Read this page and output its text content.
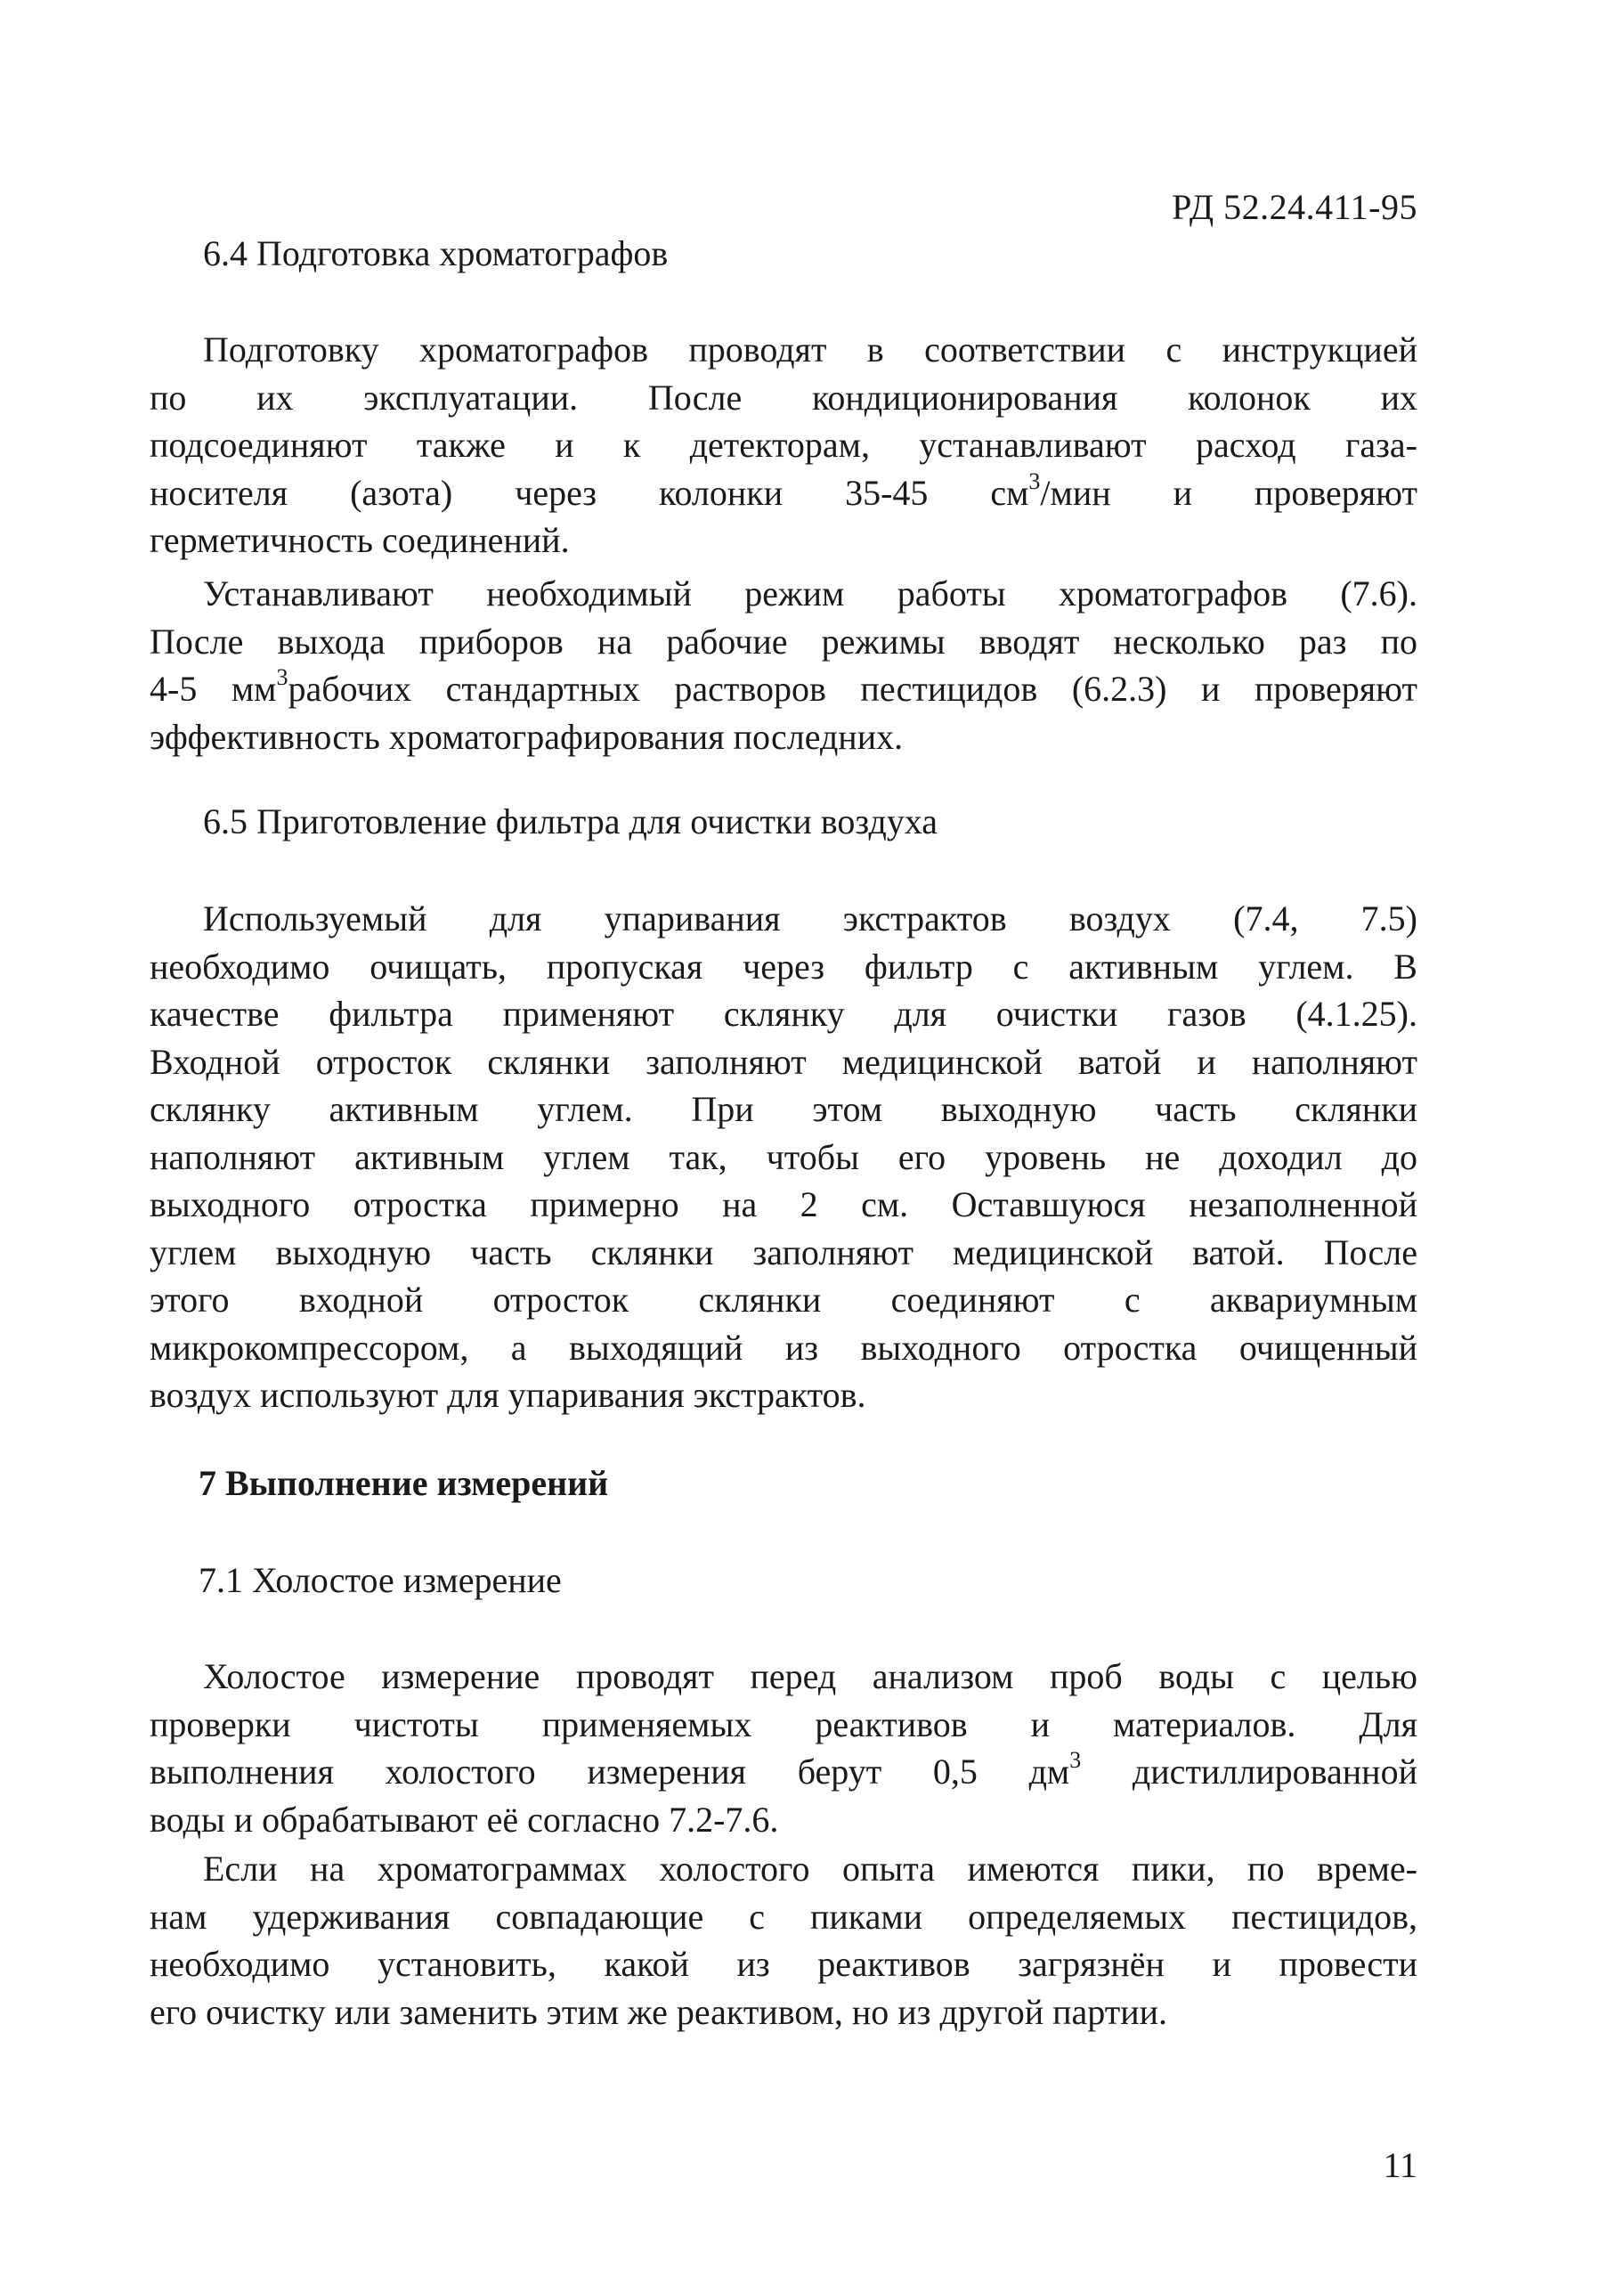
РД 52.24.411-95
6.4 Подготовка хроматографов
Подготовку хроматографов проводят в соответствии с инструкцией
по их эксплуатации. После кондиционирования колонок их
подсоединяют также и к детекторам, устанавливают расход газа-
носителя (азота) через колонки 35-45 $см^3$/мин и проверяют
герметичность соединений.
Устанавливают необходимый режим работы хроматографов (7.6).
После выхода приборов на рабочие режимы вводят несколько раз по
4-5 $мм^3рабочих$ стандартных растворов пестицидов (6.2.3) и проверяют
эффективность хроматографирования последних.
6.5 Приготовление фильтра для очистки воздуха
Используемый для упаривания экстрактов воздух (7.4, 7.5)
необходимо очищать, пропуская через фильтр с активным углем. В
качестве фильтра применяют склянку для очистки газов (4.1.25).
Входной отросток склянки заполняют медицинской ватой и наполняют
склянку активным углем. При этом выходную часть склянки
наполняют активным углем так, чтобы его уровень не доходил до
выходного отростка примерно на 2 см. Оставшуюся незаполненной
углем выходную часть склянки заполняют медицинской ватой. После
этого входной отросток склянки соединяют с аквариумным
микрокомпрессором, а выходящий из выходного отростка очищенный
воздух используют для упаривания экстрактов.
7 Выполнение измерений
7.1 Холостое измерение
Холостое измерение проводят перед анализом проб воды с целью
проверки чистоты применяемых реактивов и материалов. Для
выполнения холостого измерения берут 0,5 $дм^3$ дистиллированной
воды и обрабатывают её согласно 7.2-7.6.
Если на хроматограммах холостого опыта имеются пики, по време-
нам удерживания совпадающие с пиками определяемых пестицидов,
необходимо установить, какой из реактивов загрязнён и провести
его очистку или заменить этим же реактивом, но из другой партии.
11
